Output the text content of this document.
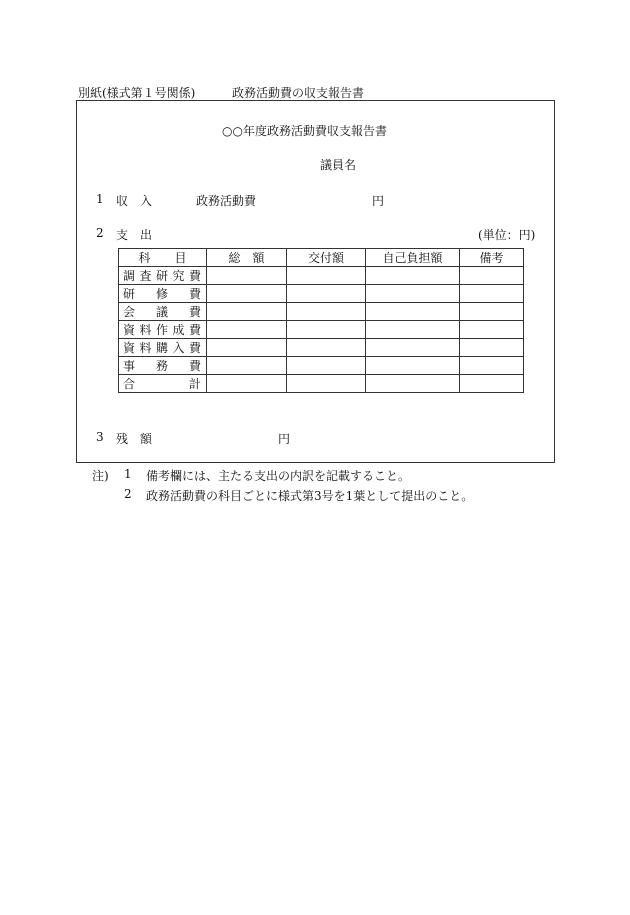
別紙(様式第１号関係)	政務活動費の収支報告書
○○年度政務活動費収支報告書
議員名
1 収　入	政務活動費	円
2 支　出	(単位：円)
科　　目	総　額	交付額	自己負担額	備考
調査研究費				
研修費				
会議費				
資料作成費				
資料購入費				
事務費				
合計				
3 残　額	円
注) 1 備考欄には、主たる支出の内訳を記載すること。
2 政務活動費の科目ごとに様式第3号を1葉として提出のこと。
